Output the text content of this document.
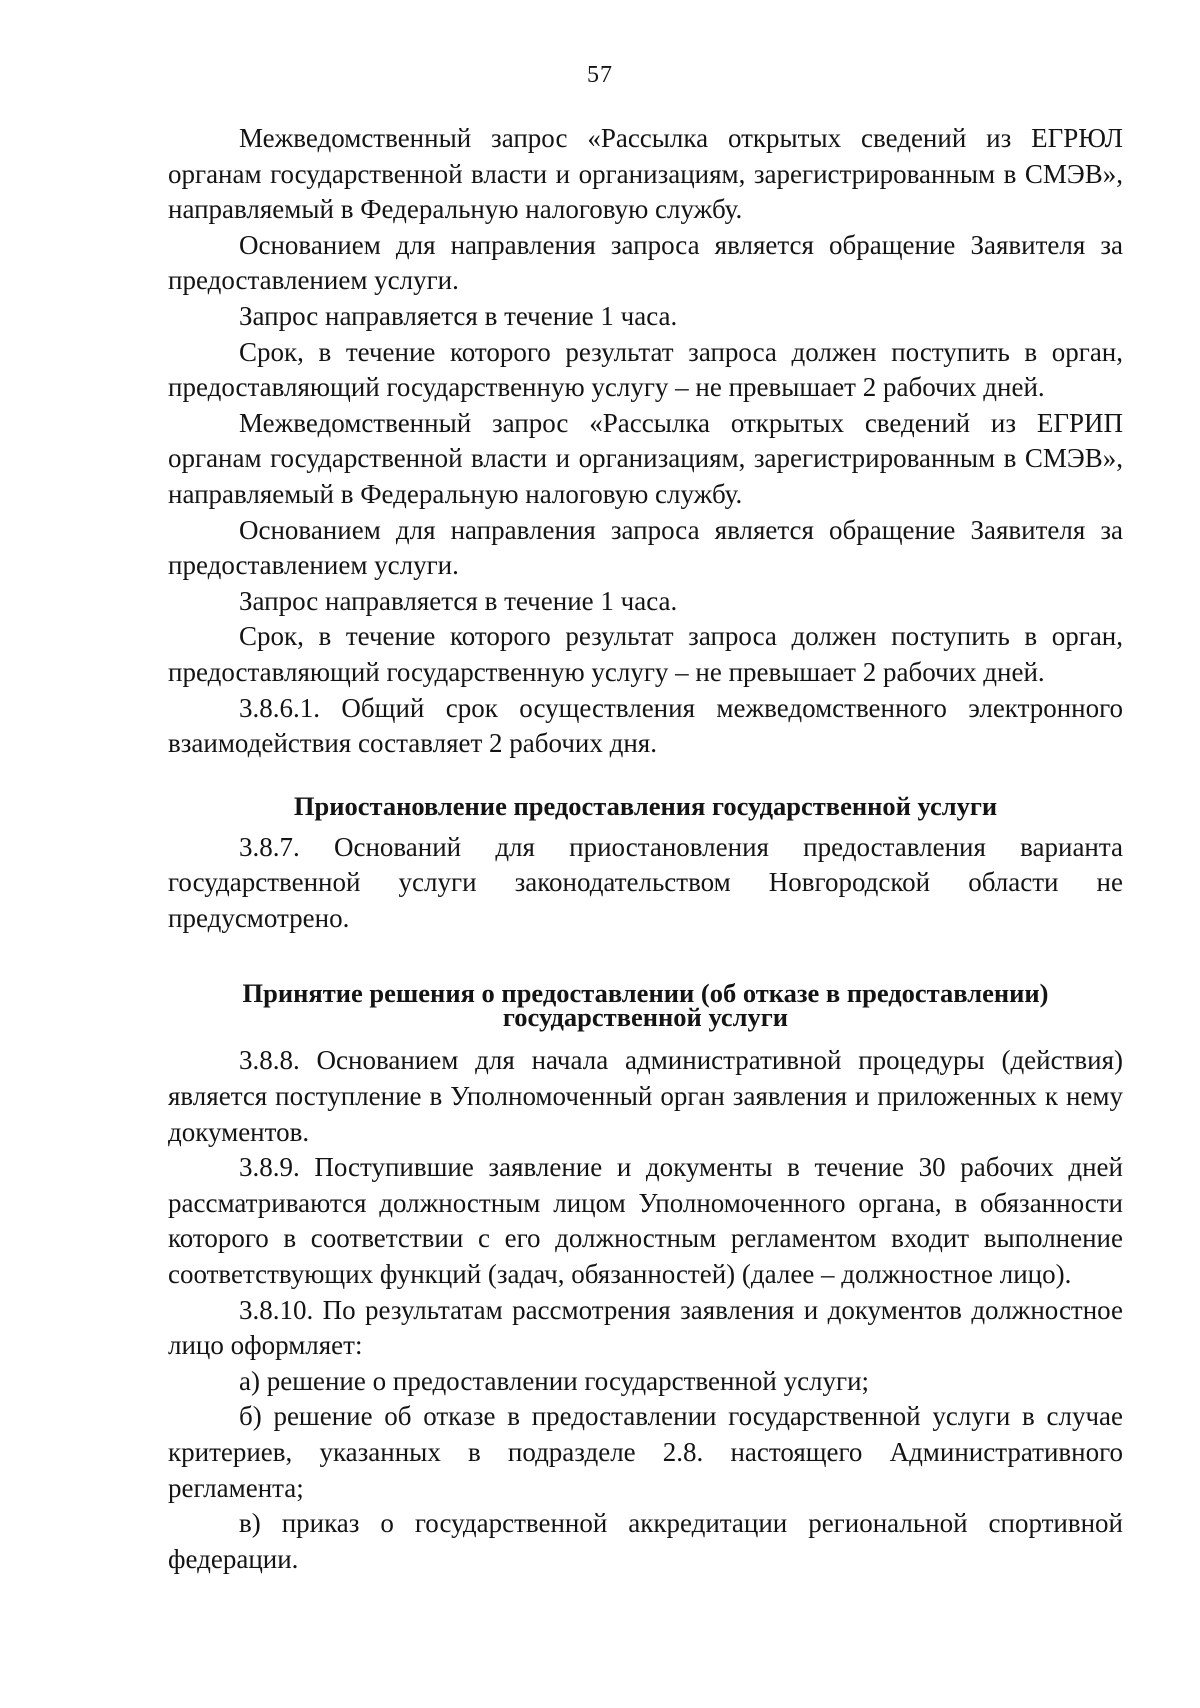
57

Межведомственный запрос «Рассылка открытых сведений из ЕГРЮЛ органам государственной власти и организациям, зарегистрированным в СМЭВ», направляемый в Федеральную налоговую службу.

Основанием для направления запроса является обращение Заявителя за предоставлением услуги.

Запрос направляется в течение 1 часа.

Срок, в течение которого результат запроса должен поступить в орган, предоставляющий государственную услугу – не превышает 2 рабочих дней.

Межведомственный запрос «Рассылка открытых сведений из ЕГРИП органам государственной власти и организациям, зарегистрированным в СМЭВ», направляемый в Федеральную налоговую службу.

Основанием для направления запроса является обращение Заявителя за предоставлением услуги.

Запрос направляется в течение 1 часа.

Срок, в течение которого результат запроса должен поступить в орган, предоставляющий государственную услугу – не превышает 2 рабочих дней.

3.8.6.1. Общий срок осуществления межведомственного электронного взаимодействия составляет 2 рабочих дня.

Приостановление предоставления государственной услуги

3.8.7. Оснований для приостановления предоставления варианта государственной услуги законодательством Новгородской области не предусмотрено.

Принятие решения о предоставлении (об отказе в предоставлении)
государственной услуги

3.8.8. Основанием для начала административной процедуры (действия) является поступление в Уполномоченный орган заявления и приложенных к нему документов.

3.8.9. Поступившие заявление и документы в течение 30 рабочих дней рассматриваются должностным лицом Уполномоченного органа, в обязанности которого в соответствии с его должностным регламентом входит выполнение соответствующих функций (задач, обязанностей) (далее – должностное лицо).

3.8.10. По результатам рассмотрения заявления и документов должностное лицо оформляет:

а) решение о предоставлении государственной услуги;

б) решение об отказе в предоставлении государственной услуги в случае критериев, указанных в подразделе 2.8. настоящего Административного регламента;

в) приказ о государственной аккредитации региональной спортивной федерации.
